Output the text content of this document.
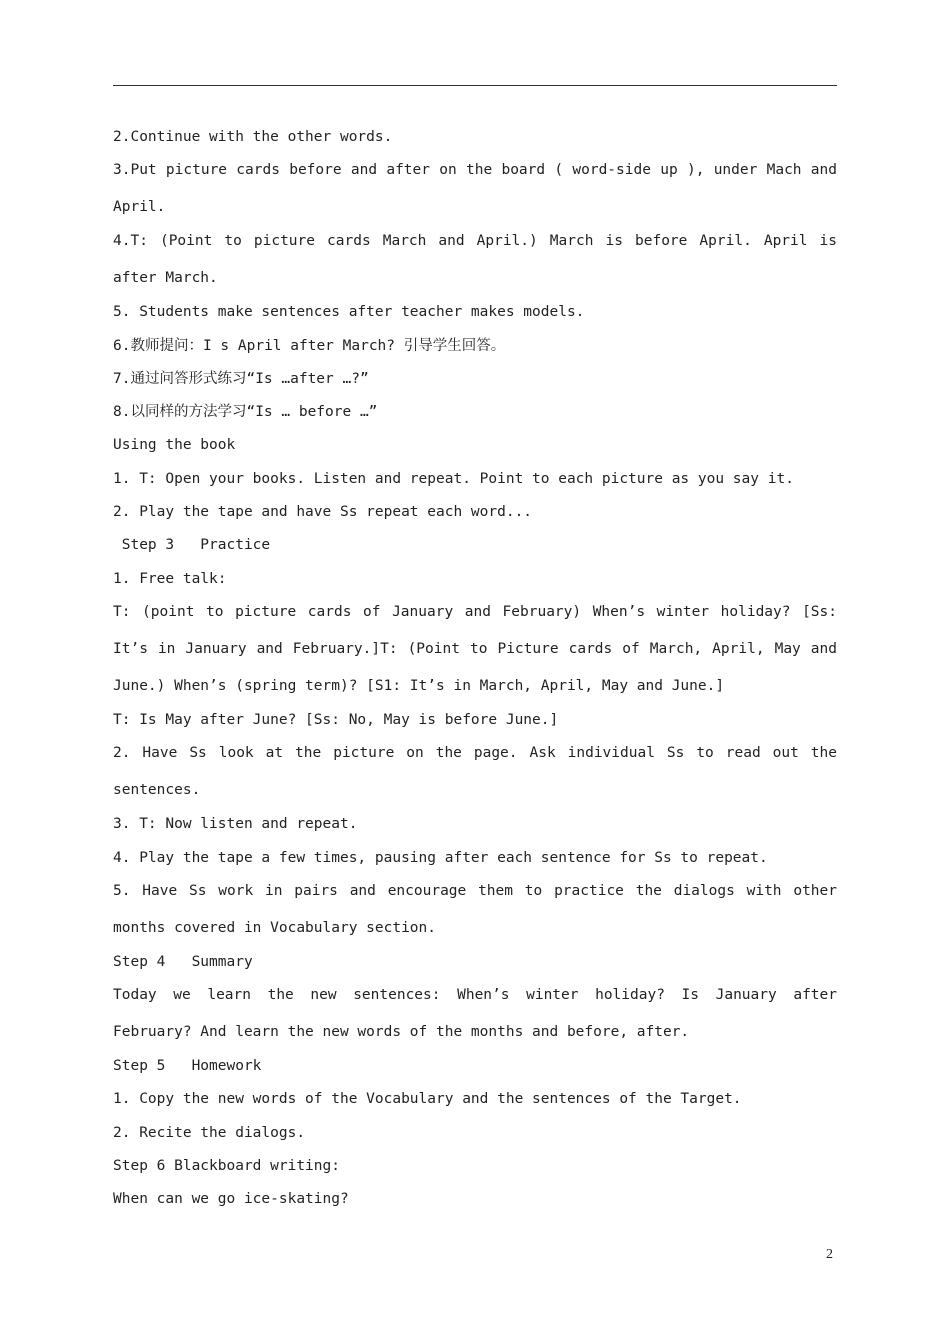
2.Continue with the other words.

3.Put picture cards before and after on the board ( word-side up ), under Mach and April.

4.T: (Point to picture cards March and April.) March is before April. April is after March.

5. Students make sentences after teacher makes models.

6.教师提问：I s April after March? 引导学生回答。

7.通过问答形式练习“Is …after …?”

8.以同样的方法学习“Is … before …”

Using the book

1. T: Open your books. Listen and repeat. Point to each picture as you say it.

2. Play the tape and have Ss repeat each word...

Step 3   Practice

1. Free talk:

T: (point to picture cards of January and February) When’s winter holiday? [Ss: It’s in January and February.]T: (Point to Picture cards of March, April, May and June.) When’s (spring term)? [S1: It’s in March, April, May and June.]

T: Is May after June? [Ss: No, May is before June.]

2. Have Ss look at the picture on the page. Ask individual Ss to read out the sentences.

3. T: Now listen and repeat.

4. Play the tape a few times, pausing after each sentence for Ss to repeat.

5. Have Ss work in pairs and encourage them to practice the dialogs with other months covered in Vocabulary section.

Step 4   Summary

Today we learn the new sentences: When’s winter holiday? Is January after February? And learn the new words of the months and before, after.

Step 5   Homework

1. Copy the new words of the Vocabulary and the sentences of the Target.

2. Recite the dialogs.

Step 6 Blackboard writing:

When can we go ice-skating?

2
